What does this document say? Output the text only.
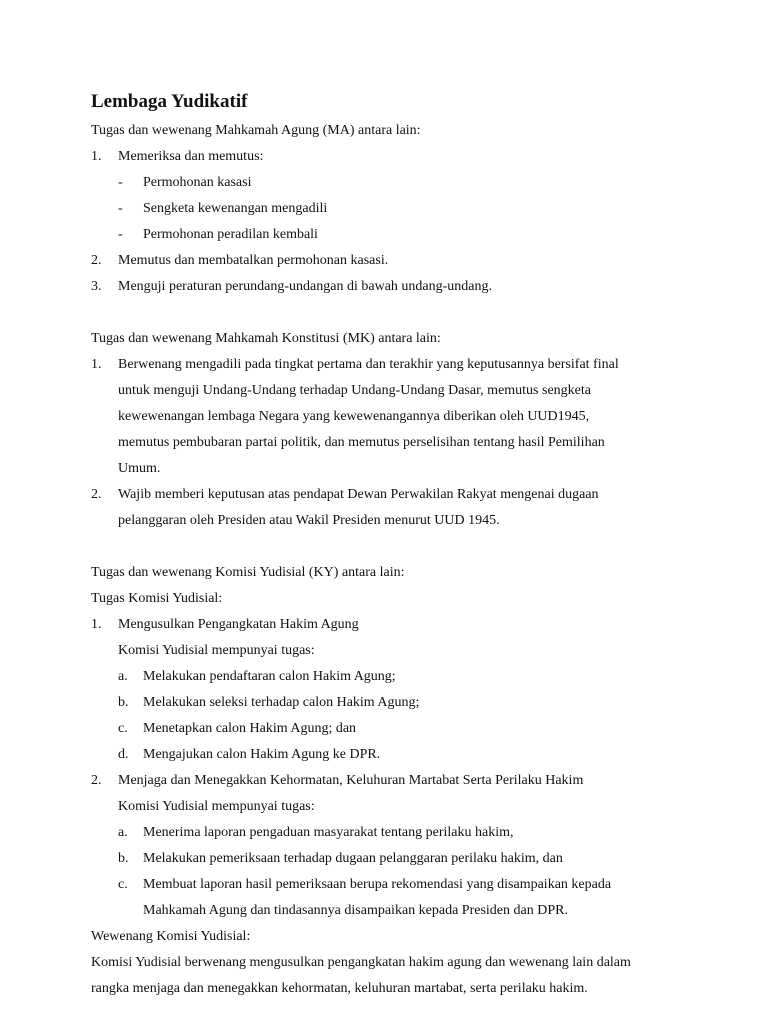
Lembaga Yudikatif
Tugas dan wewenang Mahkamah Agung (MA) antara lain:
1. Memeriksa dan memutus:
- Permohonan kasasi
- Sengketa kewenangan mengadili
- Permohonan peradilan kembali
2. Memutus dan membatalkan permohonan kasasi.
3. Menguji peraturan perundang-undangan di bawah undang-undang.
Tugas dan wewenang Mahkamah Konstitusi (MK) antara lain:
1. Berwenang mengadili pada tingkat pertama dan terakhir yang keputusannya bersifat final
untuk menguji Undang-Undang terhadap Undang-Undang Dasar, memutus sengketa
kewewenangan lembaga Negara yang kewewenangannya diberikan oleh UUD1945,
memutus pembubaran partai politik, dan memutus perselisihan tentang hasil Pemilihan
Umum.
2. Wajib memberi keputusan atas pendapat Dewan Perwakilan Rakyat mengenai dugaan
pelanggaran oleh Presiden atau Wakil Presiden menurut UUD 1945.
Tugas dan wewenang Komisi Yudisial (KY) antara lain:
Tugas Komisi Yudisial:
1. Mengusulkan Pengangkatan Hakim Agung
Komisi Yudisial mempunyai tugas:
a. Melakukan pendaftaran calon Hakim Agung;
b. Melakukan seleksi terhadap calon Hakim Agung;
c. Menetapkan calon Hakim Agung; dan
d. Mengajukan calon Hakim Agung ke DPR.
2. Menjaga dan Menegakkan Kehormatan, Keluhuran Martabat Serta Perilaku Hakim
Komisi Yudisial mempunyai tugas:
a. Menerima laporan pengaduan masyarakat tentang perilaku hakim,
b. Melakukan pemeriksaan terhadap dugaan pelanggaran perilaku hakim, dan
c. Membuat laporan hasil pemeriksaan berupa rekomendasi yang disampaikan kepada
Mahkamah Agung dan tindasannya disampaikan kepada Presiden dan DPR.
Wewenang Komisi Yudisial:
Komisi Yudisial berwenang mengusulkan pengangkatan hakim agung dan wewenang lain dalam
rangka menjaga dan menegakkan kehormatan, keluhuran martabat, serta perilaku hakim.
